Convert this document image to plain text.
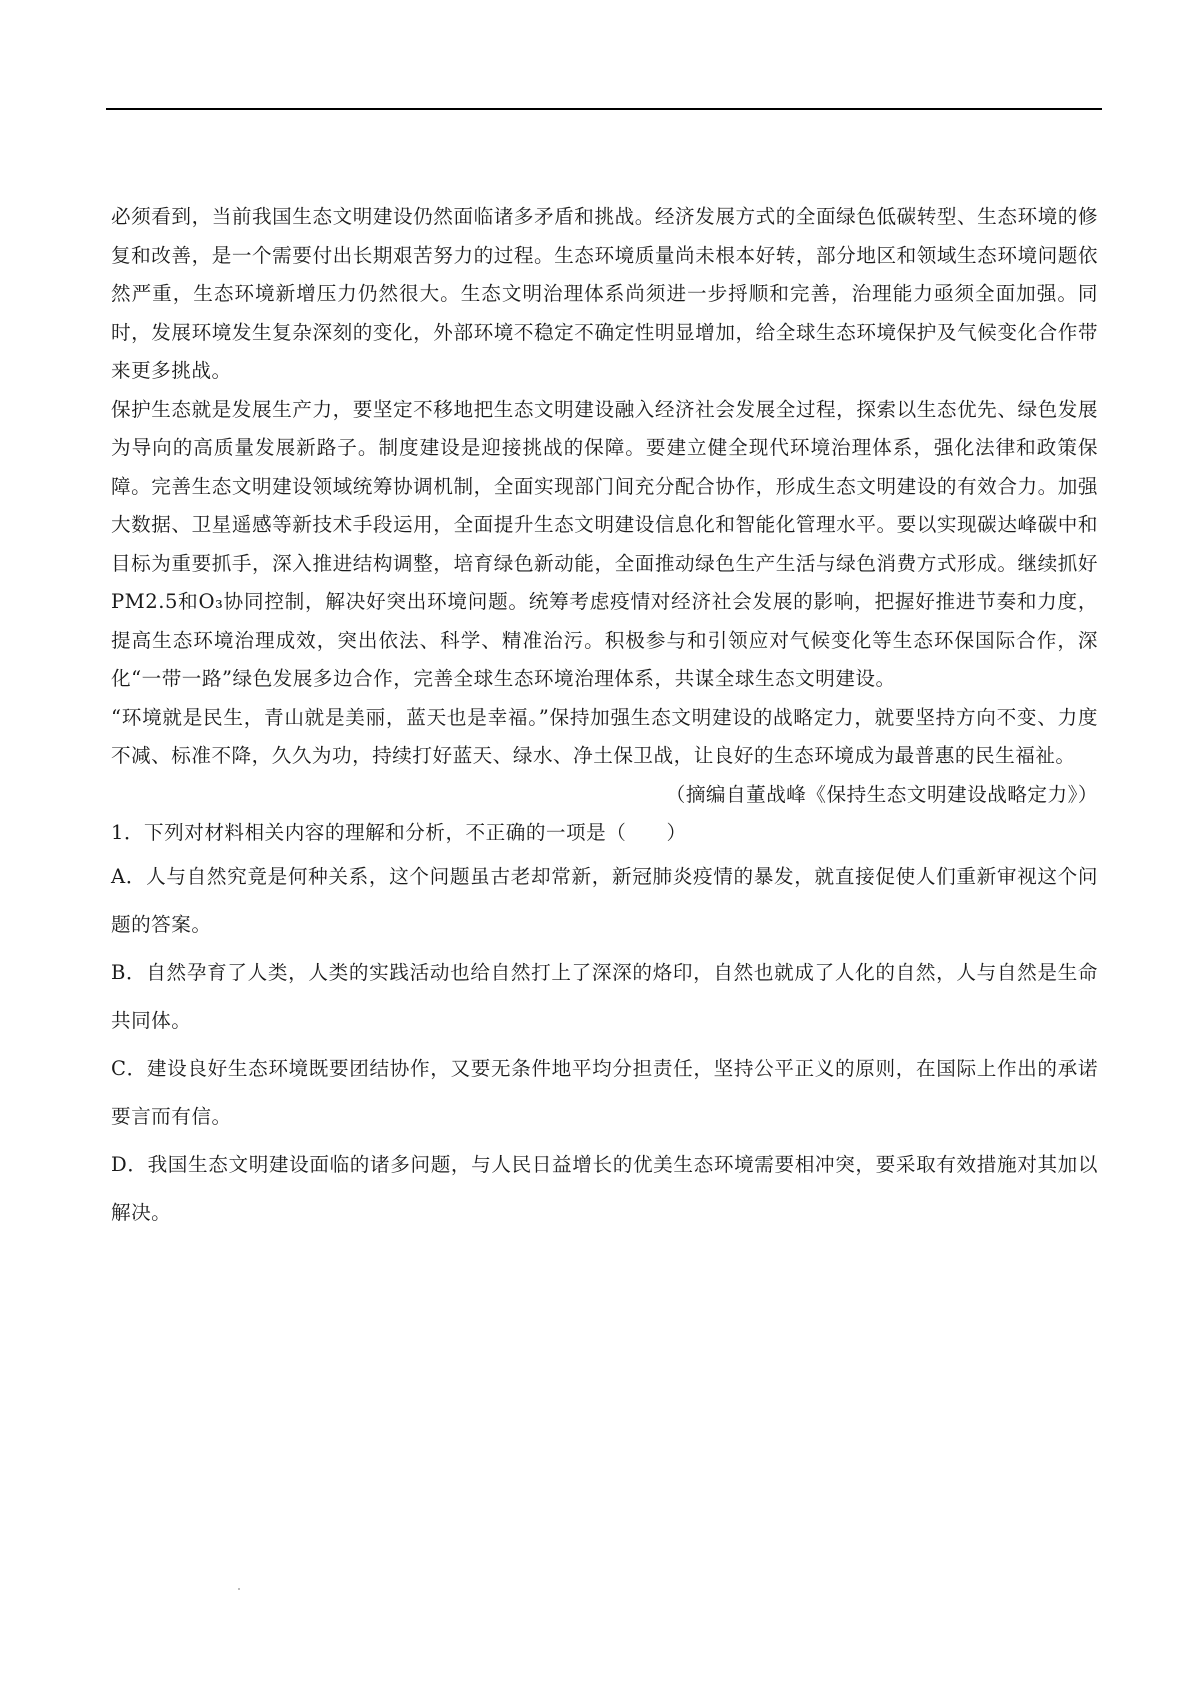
必须看到，当前我国生态文明建设仍然面临诸多矛盾和挑战。经济发展方式的全面绿色低碳转型、生态环境的修复和改善，是一个需要付出长期艰苦努力的过程。生态环境质量尚未根本好转，部分地区和领域生态环境问题依然严重，生态环境新增压力仍然很大。生态文明治理体系尚须进一步捋顺和完善，治理能力亟须全面加强。同时，发展环境发生复杂深刻的变化，外部环境不稳定不确定性明显增加，给全球生态环境保护及气候变化合作带来更多挑战。

保护生态就是发展生产力，要坚定不移地把生态文明建设融入经济社会发展全过程，探索以生态优先、绿色发展为导向的高质量发展新路子。制度建设是迎接挑战的保障。要建立健全现代环境治理体系，强化法律和政策保障。完善生态文明建设领域统筹协调机制，全面实现部门间充分配合协作，形成生态文明建设的有效合力。加强大数据、卫星遥感等新技术手段运用，全面提升生态文明建设信息化和智能化管理水平。要以实现碳达峰碳中和目标为重要抓手，深入推进结构调整，培育绿色新动能，全面推动绿色生产生活与绿色消费方式形成。继续抓好PM2.5和O₃协同控制，解决好突出环境问题。统筹考虑疫情对经济社会发展的影响，把握好推进节奏和力度，提高生态环境治理成效，突出依法、科学、精准治污。积极参与和引领应对气候变化等生态环保国际合作，深化“一带一路”绿色发展多边合作，完善全球生态环境治理体系，共谋全球生态文明建设。

“环境就是民生，青山就是美丽，蓝天也是幸福。”保持加强生态文明建设的战略定力，就要坚持方向不变、力度不减、标准不降，久久为功，持续打好蓝天、绿水、净土保卫战，让良好的生态环境成为最普惠的民生福祉。

（摘编自董战峰《保持生态文明建设战略定力》）

1．下列对材料相关内容的理解和分析，不正确的一项是（　　）

A．人与自然究竟是何种关系，这个问题虽古老却常新，新冠肺炎疫情的暴发，就直接促使人们重新审视这个问题的答案。

B．自然孕育了人类，人类的实践活动也给自然打上了深深的烙印，自然也就成了人化的自然，人与自然是生命共同体。

C．建设良好生态环境既要团结协作，又要无条件地平均分担责任，坚持公平正义的原则，在国际上作出的承诺要言而有信。

D．我国生态文明建设面临的诸多问题，与人民日益增长的优美生态环境需要相冲突，要采取有效措施对其加以解决。
